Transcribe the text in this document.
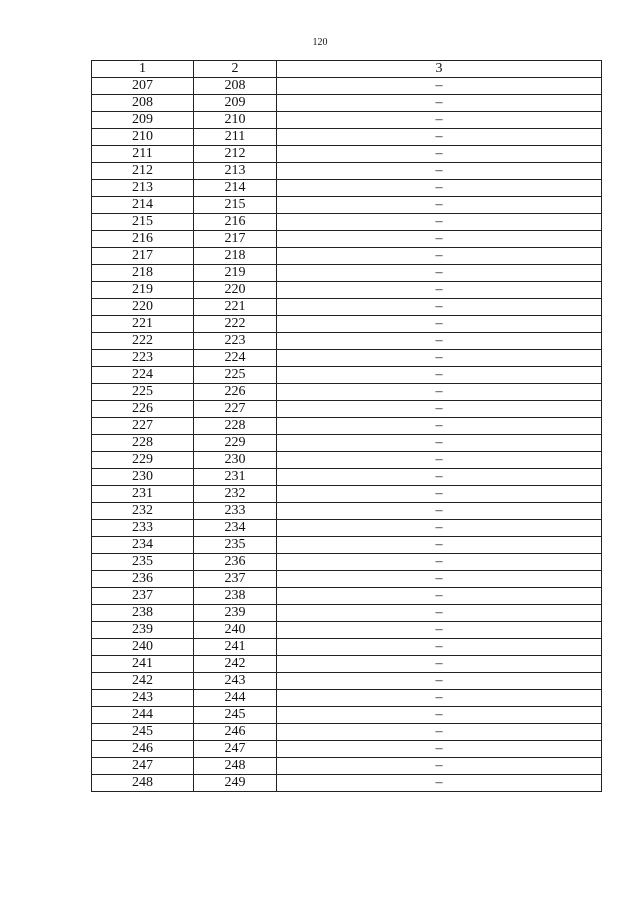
120
1	2	3
207	208	–
208	209	–
209	210	–
210	211	–
211	212	–
212	213	–
213	214	–
214	215	–
215	216	–
216	217	–
217	218	–
218	219	–
219	220	–
220	221	–
221	222	–
222	223	–
223	224	–
224	225	–
225	226	–
226	227	–
227	228	–
228	229	–
229	230	–
230	231	–
231	232	–
232	233	–
233	234	–
234	235	–
235	236	–
236	237	–
237	238	–
238	239	–
239	240	–
240	241	–
241	242	–
242	243	–
243	244	–
244	245	–
245	246	–
246	247	–
247	248	–
248	249	–
